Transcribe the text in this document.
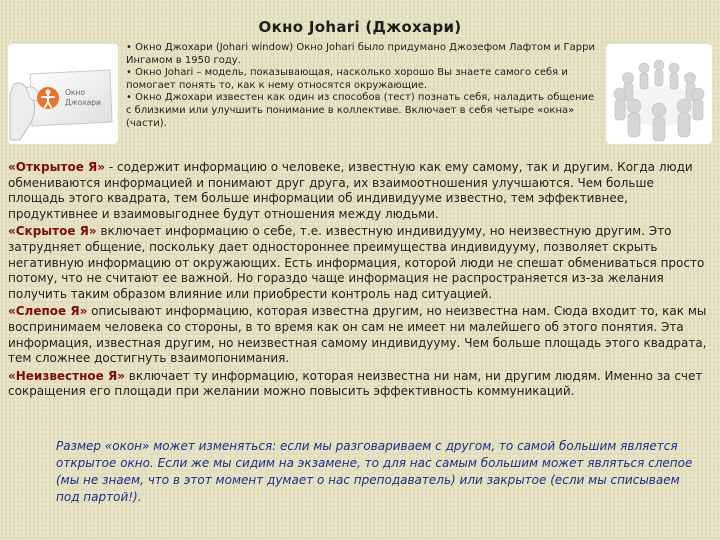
Окно Johari (Джохари)
Окно
Джохари

• Окно Джохари (Johari window) Окно Johari было придумано Джозефом Лафтом и Гарри Ингамом в 1950 году.

• Окно Johari – модель, показывающая, насколько хорошо Вы знаете самого себя и помогает понять то, как к нему относятся окружающие.

• Окно Джохари известен как один из способов (тест) познать себя, наладить общение с близкими или улучшить понимание в коллективе. Включает в себя четыре «окна» (части).

«Открытое Я» - содержит информацию о человеке, известную как ему самому, так и другим. Когда люди обмениваются информацией и понимают друг друга, их взаимоотношения улучшаются. Чем больше площадь этого квадрата, тем больше информации об индивидууме известно, тем эффективнее, продуктивнее и взаимовыгоднее будут отношения между людьми.

«Скрытое Я» включает информацию о себе, т.е. известную индивидууму, но неизвестную другим. Это затрудняет общение, поскольку дает одностороннее преимущества индивидууму, позволяет скрыть негативную информацию от окружающих. Есть информация, которой люди не спешат обмениваться просто потому, что не считают ее важной. Но гораздо чаще информация не распространяется из-за желания получить таким образом влияние или приобрести контроль над ситуацией.

«Слепое Я» описывают информацию, которая известна другим, но неизвестна нам. Сюда входит то, как мы воспринимаем человека со стороны, в то время как он сам не имеет ни малейшего об этого понятия. Эта информация, известная другим, но неизвестная самому индивидууму. Чем больше площадь этого квадрата, тем сложнее достигнуть взаимопонимания.

«Неизвестное Я» включает ту информацию, которая неизвестна ни нам, ни другим людям. Именно за счет сокращения его площади при желании можно повысить эффективность коммуникаций.

Размер «окон» может изменяться: если мы разговариваем с другом, то самой большим является открытое окно. Если же мы сидим на экзамене, то для нас самым большим может являться слепое (мы не знаем, что в этот момент думает о нас преподаватель) или закрытое (если мы списываем под партой!).
